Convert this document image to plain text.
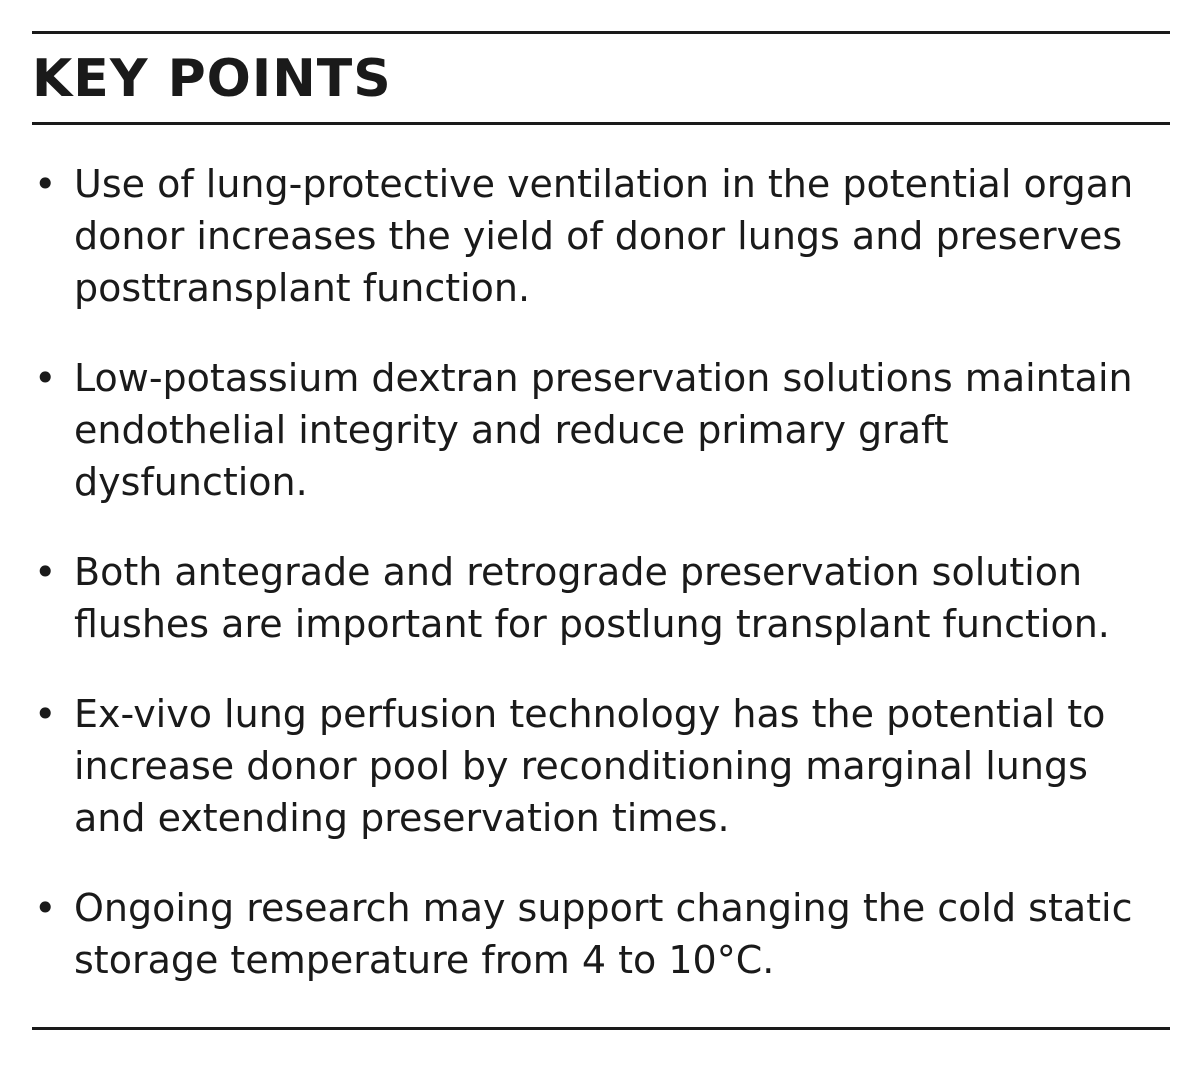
KEY POINTS
• Use of lung-protective ventilation in the potential organ donor increases the yield of donor lungs and preserves posttransplant function.
• Low-potassium dextran preservation solutions maintain endothelial integrity and reduce primary graft dysfunction.
• Both antegrade and retrograde preservation solution flushes are important for postlung transplant function.
• Ex-vivo lung perfusion technology has the potential to increase donor pool by reconditioning marginal lungs and extending preservation times.
• Ongoing research may support changing the cold static storage temperature from 4 to 10°C.
